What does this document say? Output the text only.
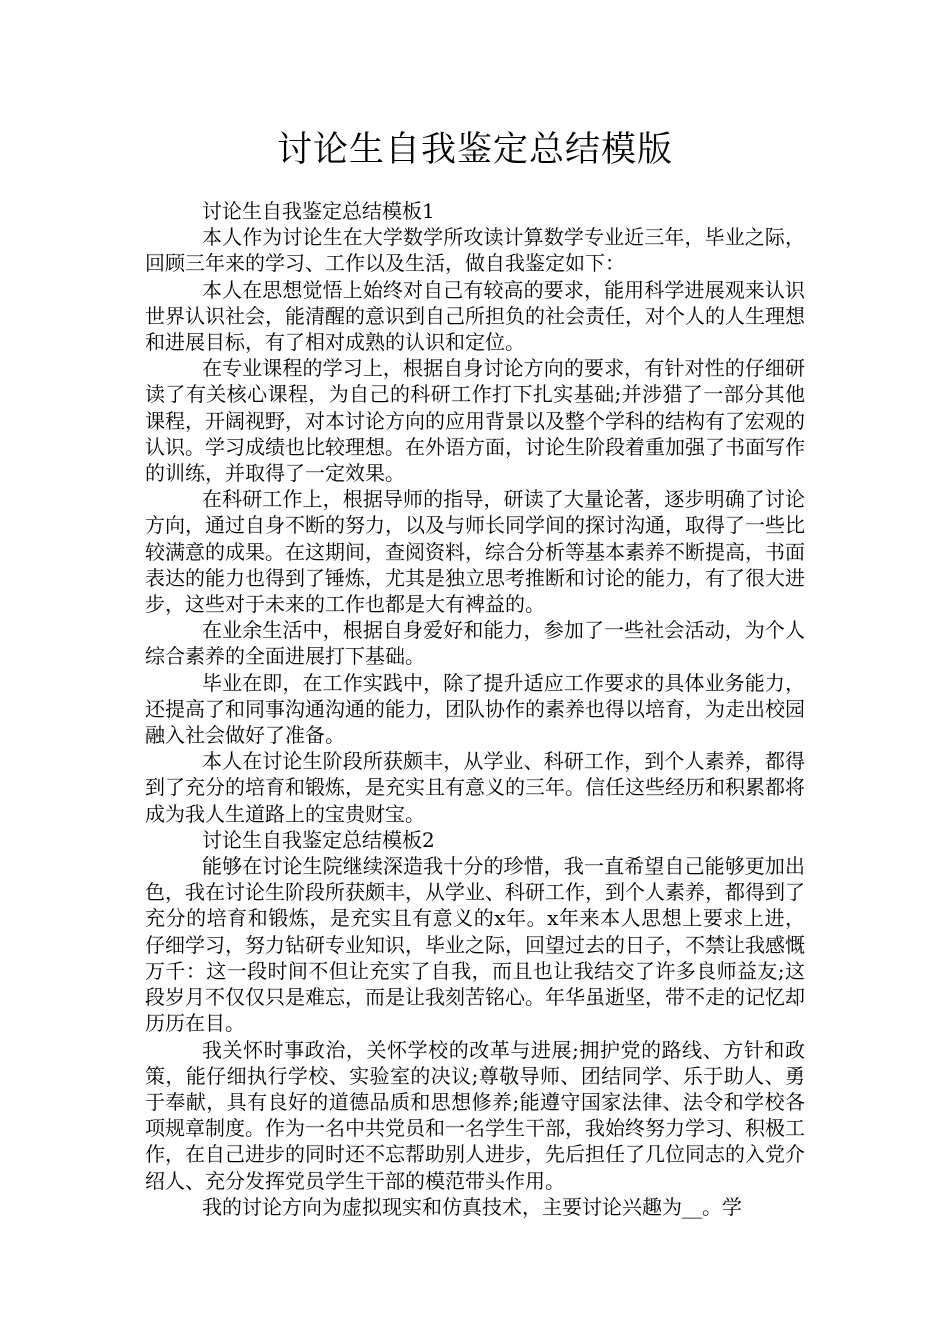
讨论生自我鉴定总结模版

讨论生自我鉴定总结模板1

本人作为讨论生在大学数学所攻读计算数学专业近三年，毕业之际，回顾三年来的学习、工作以及生活，做自我鉴定如下：

本人在思想觉悟上始终对自己有较高的要求，能用科学进展观来认识世界认识社会，能清醒的意识到自己所担负的社会责任，对个人的人生理想和进展目标，有了相对成熟的认识和定位。

在专业课程的学习上，根据自身讨论方向的要求，有针对性的仔细研读了有关核心课程，为自己的科研工作打下扎实基础;并涉猎了一部分其他课程，开阔视野，对本讨论方向的应用背景以及整个学科的结构有了宏观的认识。学习成绩也比较理想。在外语方面，讨论生阶段着重加强了书面写作的训练，并取得了一定效果。

在科研工作上，根据导师的指导，研读了大量论著，逐步明确了讨论方向，通过自身不断的努力，以及与师长同学间的探讨沟通，取得了一些比较满意的成果。在这期间，查阅资料，综合分析等基本素养不断提高，书面表达的能力也得到了锤炼，尤其是独立思考推断和讨论的能力，有了很大进步，这些对于未来的工作也都是大有裨益的。

在业余生活中，根据自身爱好和能力，参加了一些社会活动，为个人综合素养的全面进展打下基础。

毕业在即，在工作实践中，除了提升适应工作要求的具体业务能力，还提高了和同事沟通沟通的能力，团队协作的素养也得以培育，为走出校园融入社会做好了准备。

本人在讨论生阶段所获颇丰，从学业、科研工作，到个人素养，都得到了充分的培育和锻炼，是充实且有意义的三年。信任这些经历和积累都将成为我人生道路上的宝贵财宝。

讨论生自我鉴定总结模板2

能够在讨论生院继续深造我十分的珍惜，我一直希望自己能够更加出色，我在讨论生阶段所获颇丰，从学业、科研工作，到个人素养，都得到了充分的培育和锻炼，是充实且有意义的x年。x年来本人思想上要求上进，仔细学习，努力钻研专业知识，毕业之际，回望过去的日子，不禁让我感慨万千：这一段时间不但让充实了自我，而且也让我结交了许多良师益友;这段岁月不仅仅只是难忘，而是让我刻苦铭心。年华虽逝坚，带不走的记忆却历历在目。

我关怀时事政治，关怀学校的改革与进展;拥护党的路线、方针和政策，能仔细执行学校、实验室的决议;尊敬导师、团结同学、乐于助人、勇于奉献，具有良好的道德品质和思想修养;能遵守国家法律、法令和学校各项规章制度。作为一名中共党员和一名学生干部，我始终努力学习、积极工作，在自己进步的同时还不忘帮助别人进步，先后担任了几位同志的入党介绍人、充分发挥党员学生干部的模范带头作用。

我的讨论方向为虚拟现实和仿真技术，主要讨论兴趣为__。学
